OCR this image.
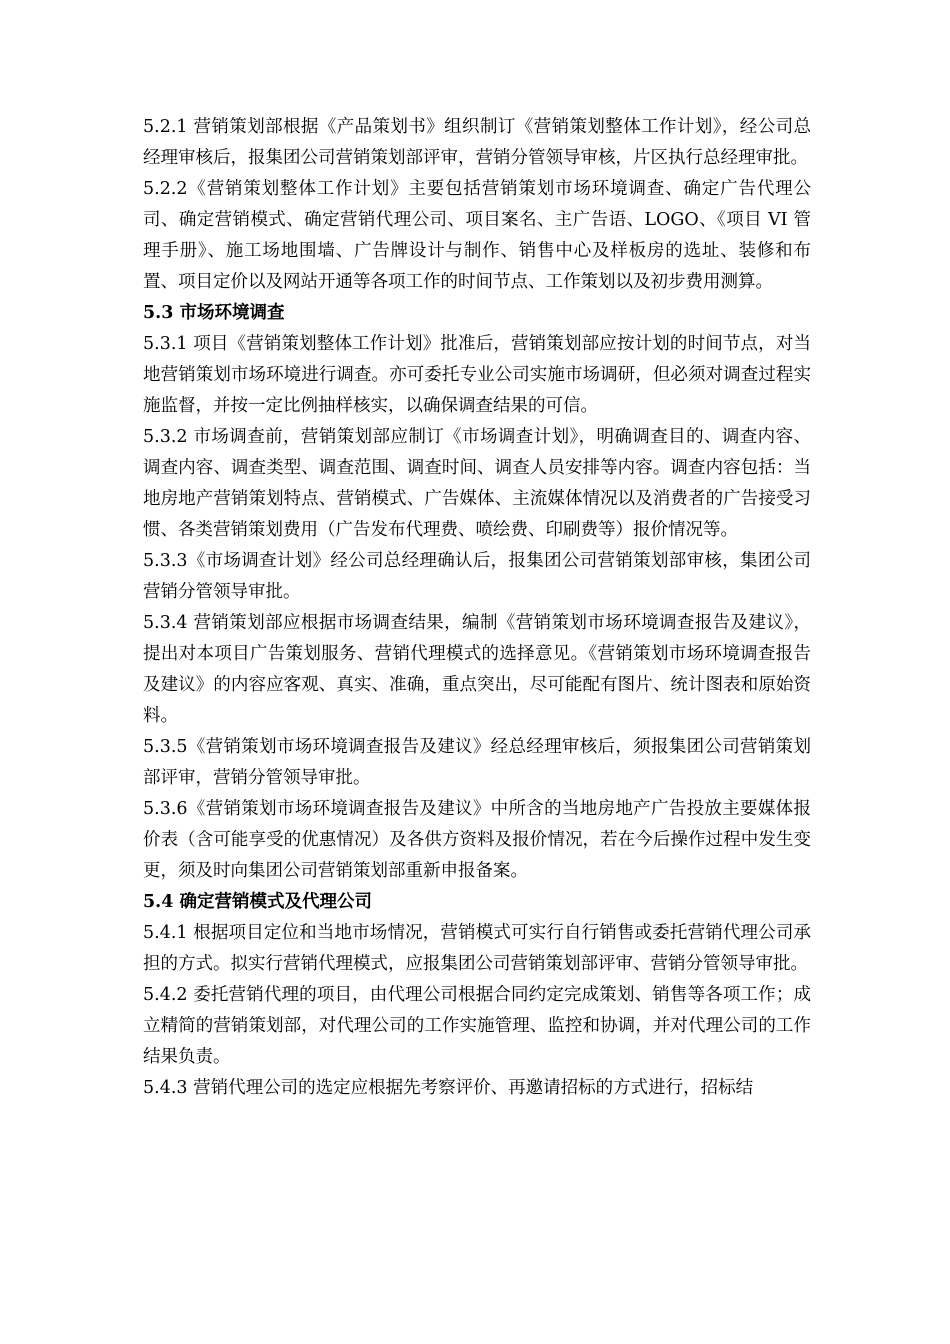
5.2.1 营销策划部根据《产品策划书》组织制订《营销策划整体工作计划》，经公司总经理审核后，报集团公司营销策划部评审，营销分管领导审核，片区执行总经理审批。

5.2.2《营销策划整体工作计划》主要包括营销策划市场环境调查、确定广告代理公司、确定营销模式、确定营销代理公司、项目案名、主广告语、LOGO、《项目 VI 管理手册》、施工场地围墙、广告牌设计与制作、销售中心及样板房的选址、装修和布置、项目定价以及网站开通等各项工作的时间节点、工作策划以及初步费用测算。

5.3 市场环境调查

5.3.1 项目《营销策划整体工作计划》批准后，营销策划部应按计划的时间节点，对当地营销策划市场环境进行调查。亦可委托专业公司实施市场调研，但必须对调查过程实施监督，并按一定比例抽样核实，以确保调查结果的可信。

5.3.2 市场调查前，营销策划部应制订《市场调查计划》，明确调查目的、调查内容、调查内容、调查类型、调查范围、调查时间、调查人员安排等内容。调查内容包括：当地房地产营销策划特点、营销模式、广告媒体、主流媒体情况以及消费者的广告接受习惯、各类营销策划费用（广告发布代理费、喷绘费、印刷费等）报价情况等。

5.3.3《市场调查计划》经公司总经理确认后，报集团公司营销策划部审核，集团公司营销分管领导审批。

5.3.4 营销策划部应根据市场调查结果，编制《营销策划市场环境调查报告及建议》，提出对本项目广告策划服务、营销代理模式的选择意见。《营销策划市场环境调查报告及建议》的内容应客观、真实、准确，重点突出，尽可能配有图片、统计图表和原始资料。

5.3.5《营销策划市场环境调查报告及建议》经总经理审核后，须报集团公司营销策划部评审，营销分管领导审批。

5.3.6《营销策划市场环境调查报告及建议》中所含的当地房地产广告投放主要媒体报价表（含可能享受的优惠情况）及各供方资料及报价情况，若在今后操作过程中发生变更，须及时向集团公司营销策划部重新申报备案。

5.4 确定营销模式及代理公司

5.4.1 根据项目定位和当地市场情况，营销模式可实行自行销售或委托营销代理公司承担的方式。拟实行营销代理模式，应报集团公司营销策划部评审、营销分管领导审批。

5.4.2 委托营销代理的项目，由代理公司根据合同约定完成策划、销售等各项工作；成立精简的营销策划部，对代理公司的工作实施管理、监控和协调，并对代理公司的工作结果负责。

5.4.3 营销代理公司的选定应根据先考察评价、再邀请招标的方式进行，招标结
